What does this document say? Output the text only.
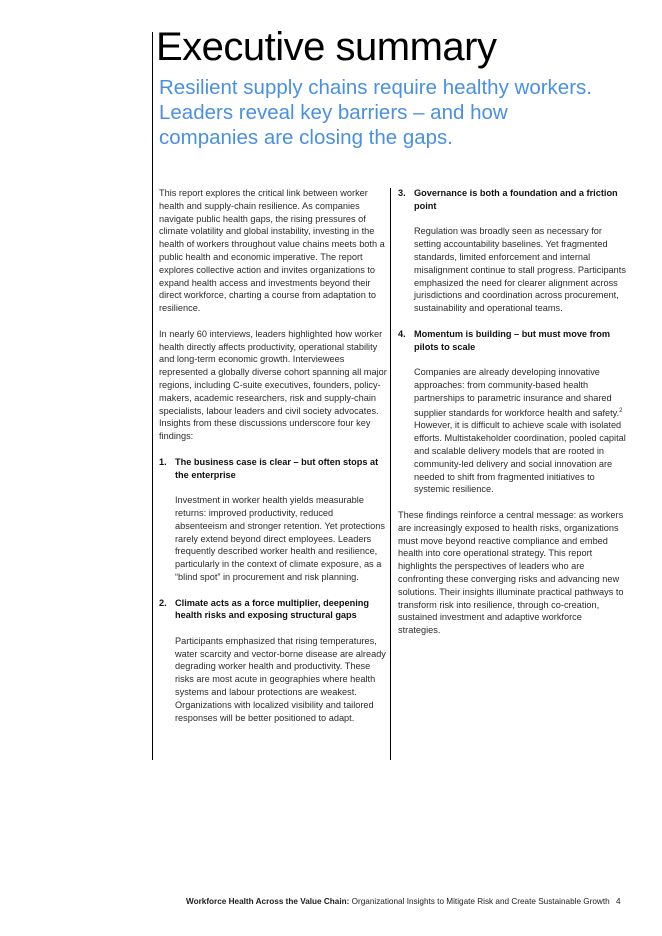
Executive summary
Resilient supply chains require healthy workers. Leaders reveal key barriers – and how companies are closing the gaps.

This report explores the critical link between worker health and supply-chain resilience. As companies navigate public health gaps, the rising pressures of climate volatility and global instability, investing in the health of workers throughout value chains meets both a public health and economic imperative. The report explores collective action and invites organizations to expand health access and investments beyond their direct workforce, charting a course from adaptation to resilience.

In nearly 60 interviews, leaders highlighted how worker health directly affects productivity, operational stability and long-term economic growth. Interviewees represented a globally diverse cohort spanning all major regions, including C-suite executives, founders, policy-makers, academic researchers, risk and supply-chain specialists, labour leaders and civil society advocates. Insights from these discussions underscore four key findings:

1. The business case is clear – but often stops at the enterprise
Investment in worker health yields measurable returns: improved productivity, reduced absenteeism and stronger retention. Yet protections rarely extend beyond direct employees. Leaders frequently described worker health and resilience, particularly in the context of climate exposure, as a “blind spot” in procurement and risk planning.
2. Climate acts as a force multiplier, deepening health risks and exposing structural gaps
Participants emphasized that rising temperatures, water scarcity and vector-borne disease are already degrading worker health and productivity. These risks are most acute in geographies where health systems and labour protections are weakest. Organizations with localized visibility and tailored responses will be better positioned to adapt.
3. Governance is both a foundation and a friction point
Regulation was broadly seen as necessary for setting accountability baselines. Yet fragmented standards, limited enforcement and internal misalignment continue to stall progress. Participants emphasized the need for clearer alignment across jurisdictions and coordination across procurement, sustainability and operational teams.
4. Momentum is building – but must move from pilots to scale
Companies are already developing innovative approaches: from community-based health partnerships to parametric insurance and shared supplier standards for workforce health and safety.$^2$ However, it is difficult to achieve scale with isolated efforts. Multistakeholder coordination, pooled capital and scalable delivery models that are rooted in community-led delivery and social innovation are needed to shift from fragmented initiatives to systemic resilience.

These findings reinforce a central message: as workers are increasingly exposed to health risks, organizations must move beyond reactive compliance and embed health into core operational strategy. This report highlights the perspectives of leaders who are confronting these converging risks and advancing new solutions. Their insights illuminate practical pathways to transform risk into resilience, through co-creation, sustained investment and adaptive workforce strategies.

Workforce Health Across the Value Chain: Organizational Insights to Mitigate Risk and Create Sustainable Growth 4
